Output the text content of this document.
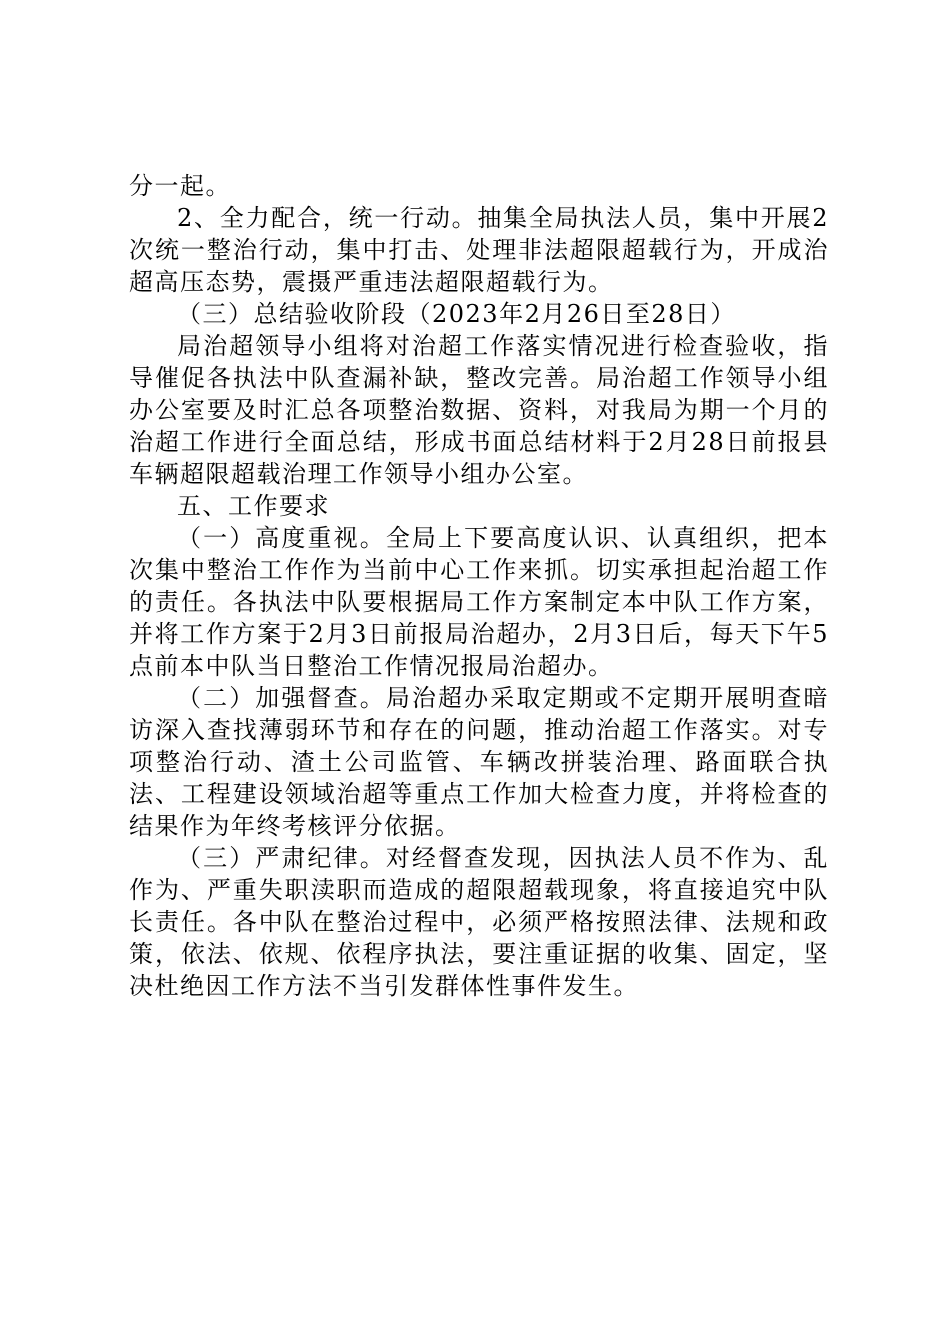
分一起。

2、全力配合，统一行动。抽集全局执法人员，集中开展2次统一整治行动，集中打击、处理非法超限超载行为，开成治超高压态势，震摄严重违法超限超载行为。

（三）总结验收阶段（2023年2月26日至28日）

局治超领导小组将对治超工作落实情况进行检查验收，指导催促各执法中队查漏补缺，整改完善。局治超工作领导小组办公室要及时汇总各项整治数据、资料，对我局为期一个月的治超工作进行全面总结，形成书面总结材料于2月28日前报县车辆超限超载治理工作领导小组办公室。

五、工作要求

（一）高度重视。全局上下要高度认识、认真组织，把本次集中整治工作作为当前中心工作来抓。切实承担起治超工作的责任。各执法中队要根据局工作方案制定本中队工作方案，并将工作方案于2月3日前报局治超办，2月3日后，每天下午5点前本中队当日整治工作情况报局治超办。

（二）加强督查。局治超办采取定期或不定期开展明查暗访深入查找薄弱环节和存在的问题，推动治超工作落实。对专项整治行动、渣土公司监管、车辆改拼装治理、路面联合执法、工程建设领域治超等重点工作加大检查力度，并将检查的结果作为年终考核评分依据。

（三）严肃纪律。对经督查发现，因执法人员不作为、乱作为、严重失职渎职而造成的超限超载现象，将直接追究中队长责任。各中队在整治过程中，必须严格按照法律、法规和政策，依法、依规、依程序执法，要注重证据的收集、固定，坚决杜绝因工作方法不当引发群体性事件发生。
